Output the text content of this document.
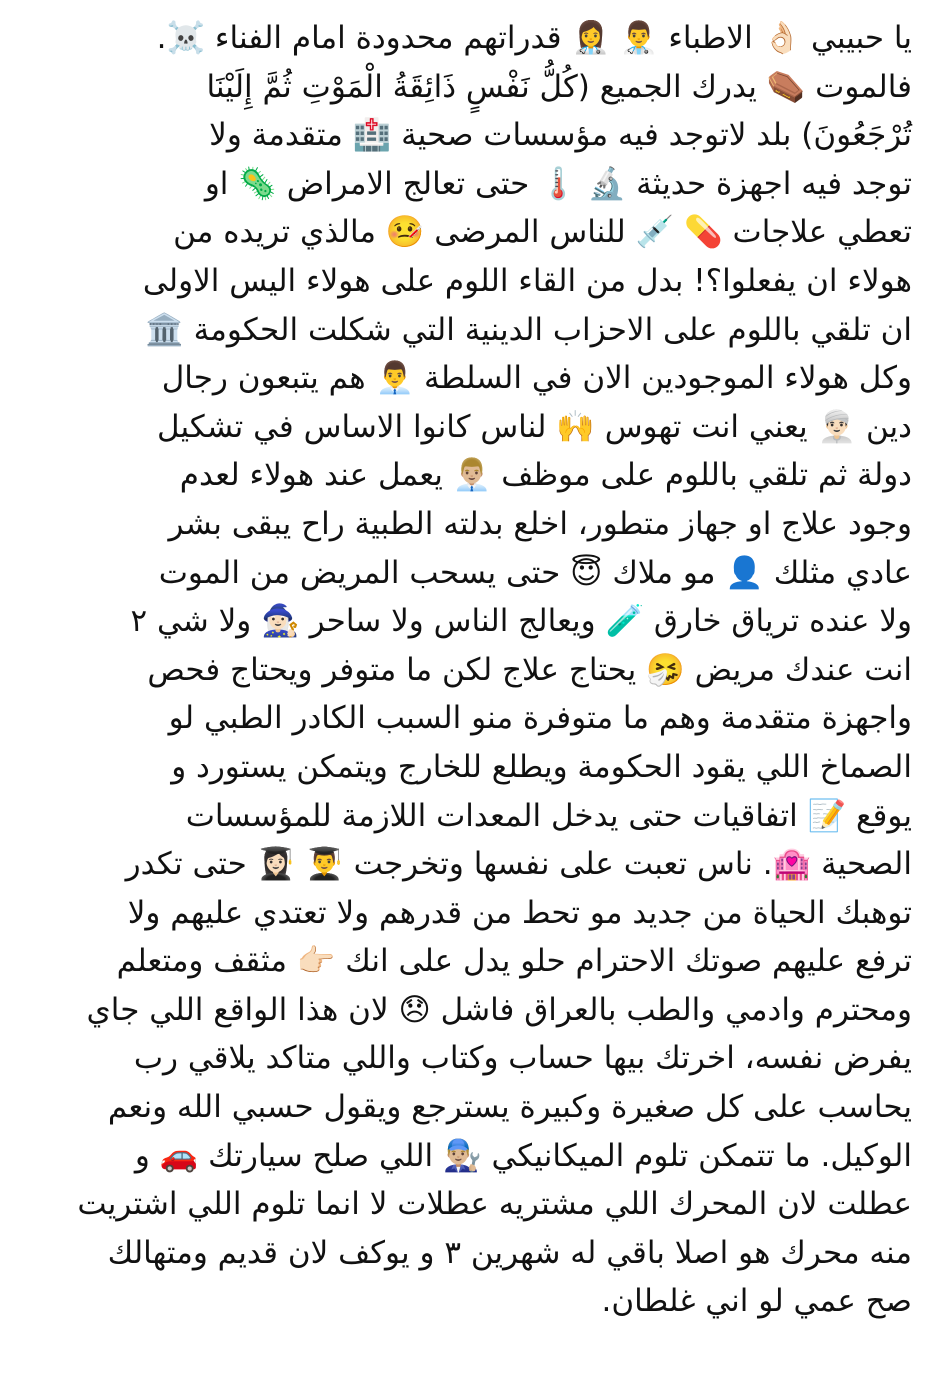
يا حبيبي 👌🏻 الاطباء 👨‍⚕️ 👩‍⚕️ قدراتهم محدودة امام الفناء ☠️.
فالموت ⚰️ يدرك الجميع (كُلُّ نَفْسٍ ذَائِقَةُ الْمَوْتِ ثُمَّ إِلَيْنَا
تُرْجَعُونَ) بلد لاتوجد فيه مؤسسات صحية 🏥 متقدمة ولا
توجد فيه اجهزة حديثة 🔬 🌡️ حتى تعالج الامراض 🦠 او
تعطي علاجات 💊 💉 للناس المرضى 🤒 مالذي تريده من
هولاء ان يفعلوا؟! بدل من القاء اللوم على هولاء اليس الاولى
ان تلقي باللوم على الاحزاب الدينية التي شكلت الحكومة 🏛️
وكل هولاء الموجودين الان في السلطة 👨‍💼 هم يتبعون رجال
دين 👳🏻‍♂️ يعني انت تهوس 🙌 لناس كانوا الاساس في تشكيل
دولة ثم تلقي باللوم على موظف 👨🏼‍💼 يعمل عند هولاء لعدم
وجود علاج او جهاز متطور، اخلع بدلته الطبية راح يبقى بشر
عادي مثلك 👤 مو ملاك 😇 حتى يسحب المريض من الموت
ولا عنده ترياق خارق 🧪 ويعالج الناس ولا ساحر 🧙🏻‍♀️ ولا شي ٢
انت عندك مريض 🤧 يحتاج علاج لكن ما متوفر ويحتاج فحص
واجهزة متقدمة وهم ما متوفرة منو السبب الكادر الطبي لو
الصماخ اللي يقود الحكومة ويطلع للخارج ويتمكن يستورد و
يوقع 📝 اتفاقيات حتى يدخل المعدات اللازمة للمؤسسات
الصحية 🏩. ناس تعبت على نفسها وتخرجت 👨‍🎓 👩🏻‍🎓 حتى تكدر
توهبك الحياة من جديد مو تحط من قدرهم ولا تعتدي عليهم ولا
ترفع عليهم صوتك الاحترام حلو يدل على انك 👉🏻 مثقف ومتعلم
ومحترم وادمي والطب بالعراق فاشل 😞 لان هذا الواقع اللي جاي
يفرض نفسه، اخرتك بيها حساب وكتاب واللي متاكد يلاقي رب
يحاسب على كل صغيرة وكبيرة يسترجع ويقول حسبي الله ونعم
الوكيل. ما تتمكن تلوم الميكانيكي 👨🏼‍🔧 اللي صلح سيارتك 🚗 و
عطلت لان المحرك اللي مشتريه عطلات لا انما تلوم اللي اشتريت
منه محرك هو اصلا باقي له شهرين ٣ و يوكف لان قديم ومتهالك
صح عمي لو اني غلطان.
